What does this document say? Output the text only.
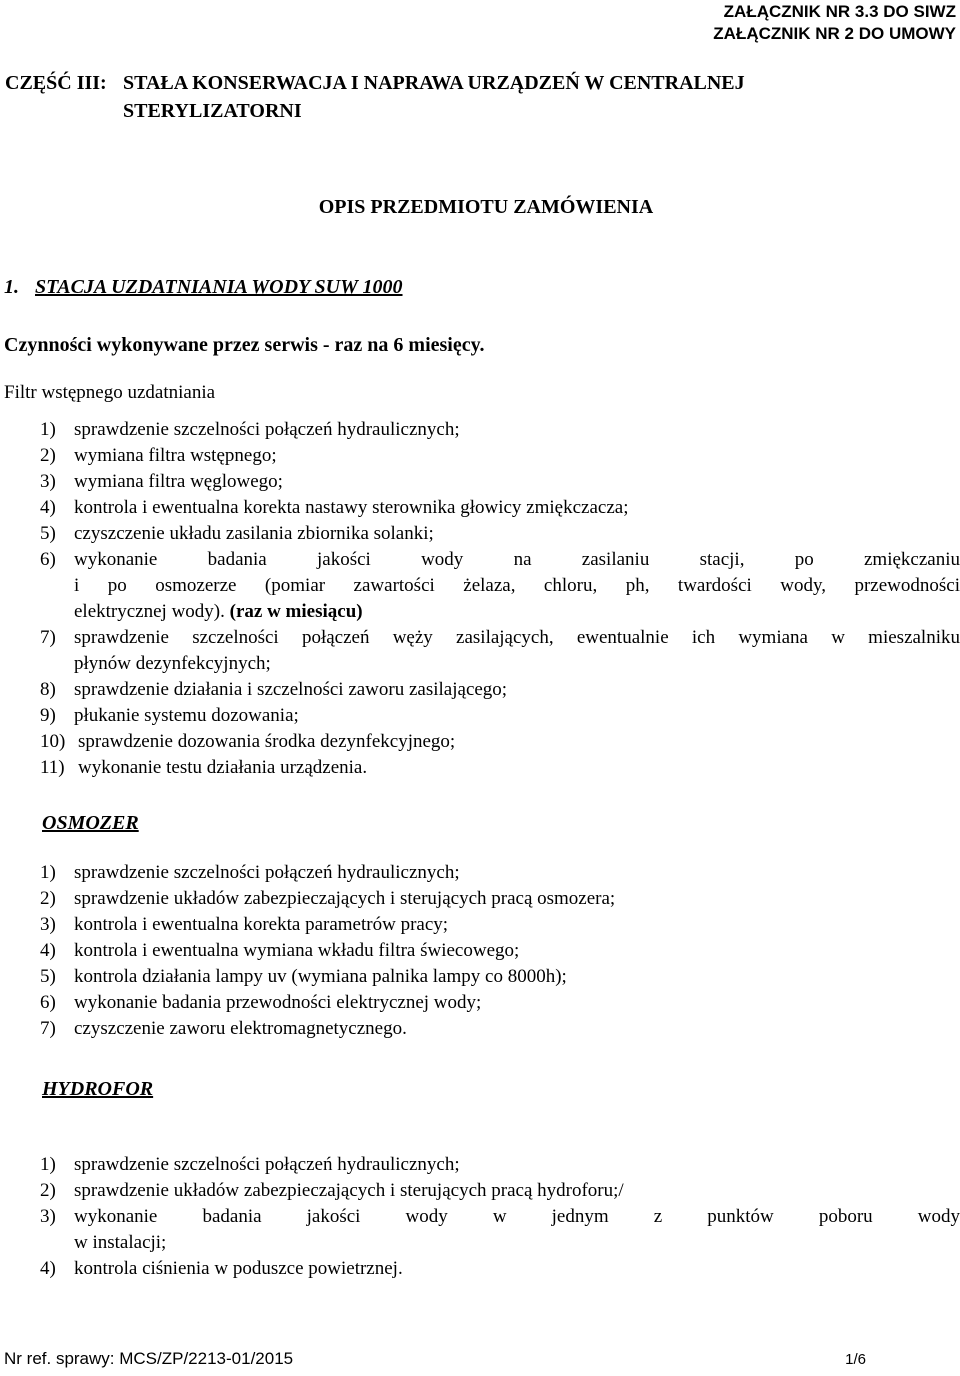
ZAŁĄCZNIK NR 3.3 DO SIWZ
ZAŁĄCZNIK NR 2 DO UMOWY
CZĘŚĆ III: STAŁA KONSERWACJA I NAPRAWA URZĄDZEŃ W CENTRALNEJ
STERYLIZATORNI
OPIS PRZEDMIOTU ZAMÓWIENIA
1. STACJA UZDATNIANIA WODY SUW 1000
Czynności wykonywane przez serwis - raz na 6 miesięcy.
Filtr wstępnego uzdatniania
1) sprawdzenie szczelności połączeń hydraulicznych;
2) wymiana filtra wstępnego;
3) wymiana filtra węglowego;
4) kontrola i ewentualna korekta nastawy sterownika głowicy zmiękczacza;
5) czyszczenie układu zasilania zbiornika solanki;
6) wykonanie badania jakości wody na zasilaniu stacji, po zmiękczaniu
i po osmozerze (pomiar zawartości żelaza, chloru, ph, twardości wody, przewodności
elektrycznej wody). (raz w miesiącu)
7) sprawdzenie szczelności połączeń węży zasilających, ewentualnie ich wymiana w mieszalniku
płynów dezynfekcyjnych;
8) sprawdzenie działania i szczelności zaworu zasilającego;
9) płukanie systemu dozowania;
10) sprawdzenie dozowania środka dezynfekcyjnego;
11) wykonanie testu działania urządzenia.
OSMOZER
1) sprawdzenie szczelności połączeń hydraulicznych;
2) sprawdzenie układów zabezpieczających i sterujących pracą osmozera;
3) kontrola i ewentualna korekta parametrów pracy;
4) kontrola i ewentualna wymiana wkładu filtra świecowego;
5) kontrola działania lampy uv (wymiana palnika lampy co 8000h);
6) wykonanie badania przewodności elektrycznej wody;
7) czyszczenie zaworu elektromagnetycznego.
HYDROFOR
1) sprawdzenie szczelności połączeń hydraulicznych;
2) sprawdzenie układów zabezpieczających i sterujących pracą hydroforu;/
3) wykonanie badania jakości wody w jednym z punktów poboru wody
w instalacji;
4) kontrola ciśnienia w poduszce powietrznej.
Nr ref. sprawy: MCS/ZP/2213-01/2015	1/6
